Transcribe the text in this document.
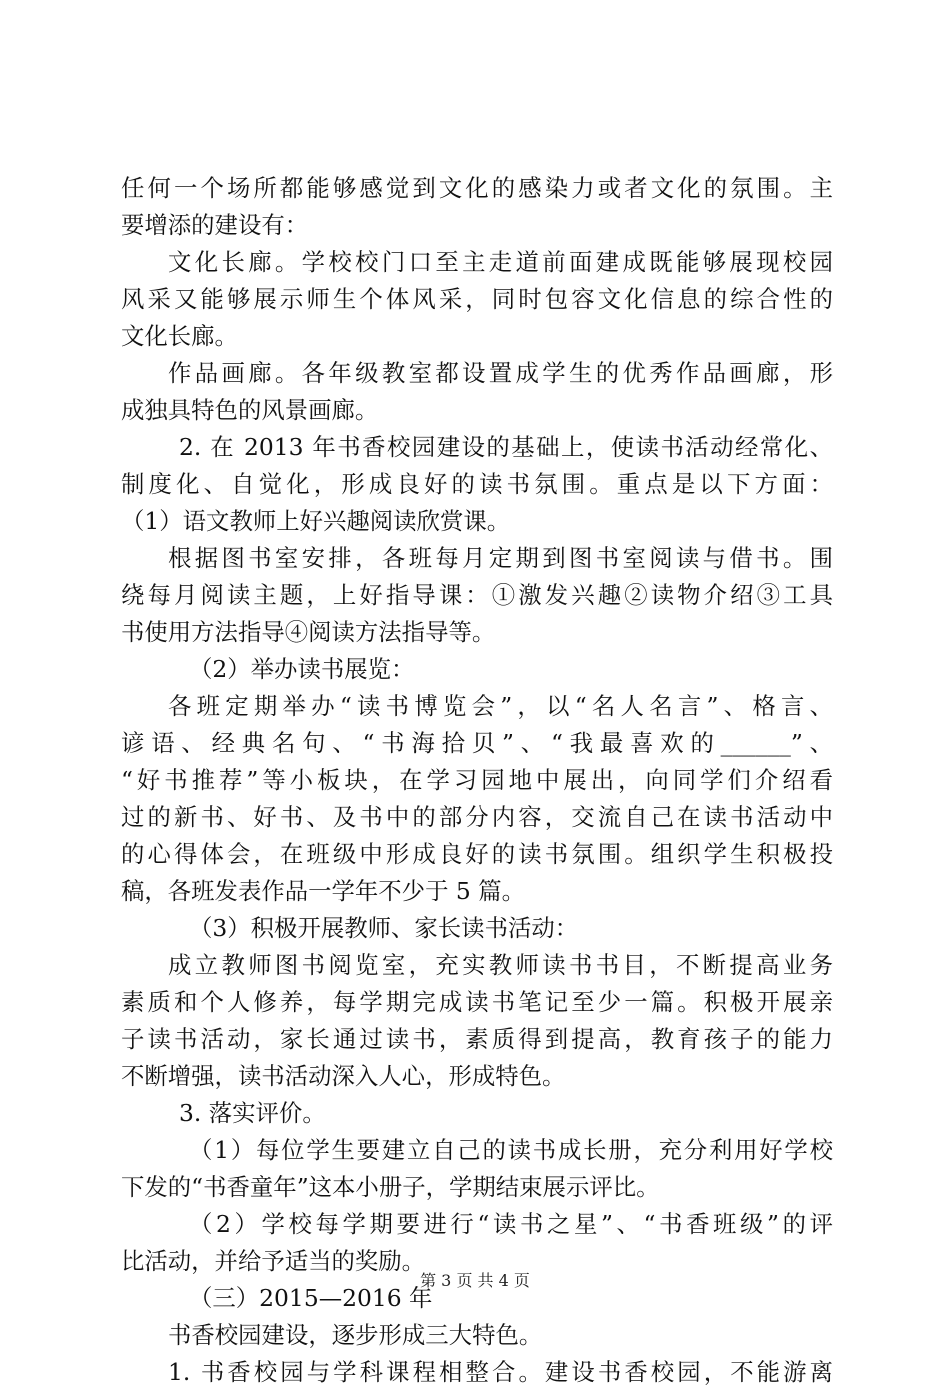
任何一个场所都能够感觉到文化的感染力或者文化的氛围。主
要增添的建设有：
文化长廊。学校校门口至主走道前面建成既能够展现校园
风采又能够展示师生个体风采，同时包容文化信息的综合性的
文化长廊。
作品画廊。各年级教室都设置成学生的优秀作品画廊，形
成独具特色的风景画廊。
2. 在 2013 年书香校园建设的基础上，使读书活动经常化、
制度化、自觉化，形成良好的读书氛围。重点是以下方面：
（1）语文教师上好兴趣阅读欣赏课。
根据图书室安排，各班每月定期到图书室阅读与借书。围
绕每月阅读主题，上好指导课：①激发兴趣②读物介绍③工具
书使用方法指导④阅读方法指导等。
（2）举办读书展览：
各班定期举办“读书博览会”，以“名人名言”、格言、
谚语、经典名句、“书海拾贝”、“我最喜欢的______”、
“好书推荐”等小板块，在学习园地中展出，向同学们介绍看
过的新书、好书、及书中的部分内容，交流自己在读书活动中
的心得体会，在班级中形成良好的读书氛围。组织学生积极投
稿，各班发表作品一学年不少于 5 篇。
（3）积极开展教师、家长读书活动：
成立教师图书阅览室，充实教师读书书目，不断提高业务
素质和个人修养，每学期完成读书笔记至少一篇。积极开展亲
子读书活动，家长通过读书，素质得到提高，教育孩子的能力
不断增强，读书活动深入人心，形成特色。
3. 落实评价。
（1）每位学生要建立自己的读书成长册，充分利用好学校
下发的“书香童年”这本小册子，学期结束展示评比。
（2）学校每学期要进行“读书之星”、“书香班级”的评
比活动，并给予适当的奖励。
（三）2015—2016 年
书香校园建设，逐步形成三大特色。
1. 书香校园与学科课程相整合。建设书香校园，不能游离
第 3 页 共 4 页
